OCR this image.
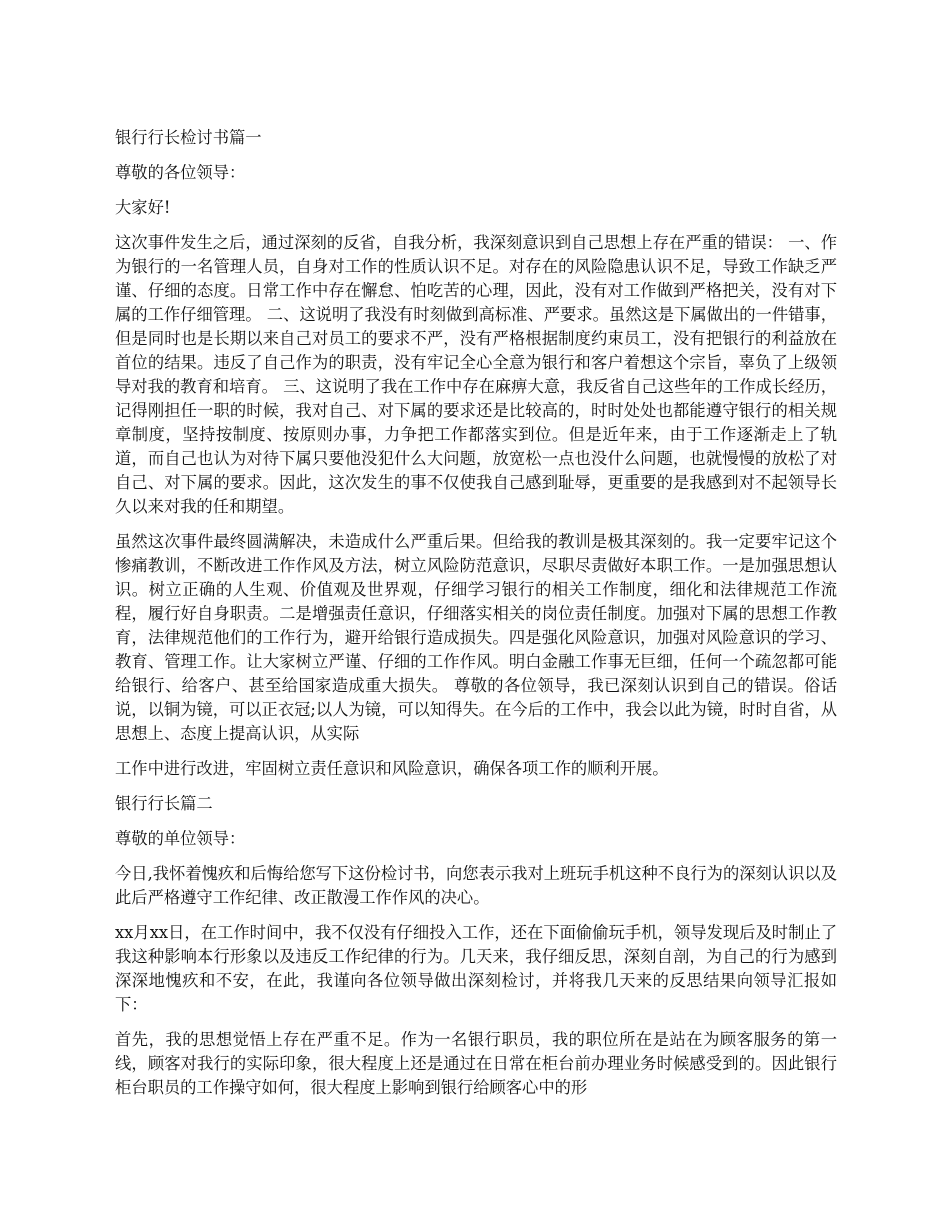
银行行长检讨书篇一

尊敬的各位领导：

大家好!

这次事件发生之后，通过深刻的反省，自我分析，我深刻意识到自己思想上存在严重的错误： 一、作为银行的一名管理人员，自身对工作的性质认识不足。对存在的风险隐患认识不足，导致工作缺乏严谨、仔细的态度。日常工作中存在懈怠、怕吃苦的心理，因此，没有对工作做到严格把关，没有对下属的工作仔细管理。 二、这说明了我没有时刻做到高标准、严要求。虽然这是下属做出的一件错事，但是同时也是长期以来自己对员工的要求不严，没有严格根据制度约束员工，没有把银行的利益放在首位的结果。违反了自己作为的职责，没有牢记全心全意为银行和客户着想这个宗旨，辜负了上级领导对我的教育和培育。 三、这说明了我在工作中存在麻痹大意，我反省自己这些年的工作成长经历，记得刚担任一职的时候，我对自己、对下属的要求还是比较高的，时时处处也都能遵守银行的相关规章制度，坚持按制度、按原则办事，力争把工作都落实到位。但是近年来，由于工作逐渐走上了轨道，而自己也认为对待下属只要他没犯什么大问题，放宽松一点也没什么问题，也就慢慢的放松了对自己、对下属的要求。因此，这次发生的事不仅使我自己感到耻辱，更重要的是我感到对不起领导长久以来对我的任和期望。

虽然这次事件最终圆满解决，未造成什么严重后果。但给我的教训是极其深刻的。我一定要牢记这个惨痛教训，不断改进工作作风及方法，树立风险防范意识，尽职尽责做好本职工作。一是加强思想认识。树立正确的人生观、价值观及世界观，仔细学习银行的相关工作制度，细化和法律规范工作流程，履行好自身职责。二是增强责任意识，仔细落实相关的岗位责任制度。加强对下属的思想工作教育，法律规范他们的工作行为，避开给银行造成损失。四是强化风险意识，加强对风险意识的学习、教育、管理工作。让大家树立严谨、仔细的工作作风。明白金融工作事无巨细，任何一个疏忽都可能给银行、给客户、甚至给国家造成重大损失。 尊敬的各位领导，我已深刻认识到自己的错误。俗话说，以铜为镜，可以正衣冠;以人为镜，可以知得失。在今后的工作中，我会以此为镜，时时自省，从思想上、态度上提高认识，从实际

工作中进行改进，牢固树立责任意识和风险意识，确保各项工作的顺利开展。

银行行长篇二

尊敬的单位领导：

今日,我怀着愧疚和后悔给您写下这份检讨书，向您表示我对上班玩手机这种不良行为的深刻认识以及此后严格遵守工作纪律、改正散漫工作作风的决心。

xx月xx日，在工作时间中，我不仅没有仔细投入工作，还在下面偷偷玩手机，领导发现后及时制止了我这种影响本行形象以及违反工作纪律的行为。几天来，我仔细反思，深刻自剖，为自己的行为感到深深地愧疚和不安，在此，我谨向各位领导做出深刻检讨，并将我几天来的反思结果向领导汇报如下：

首先，我的思想觉悟上存在严重不足。作为一名银行职员，我的职位所在是站在为顾客服务的第一线，顾客对我行的实际印象，很大程度上还是通过在日常在柜台前办理业务时候感受到的。因此银行柜台职员的工作操守如何，很大程度上影响到银行给顾客心中的形
